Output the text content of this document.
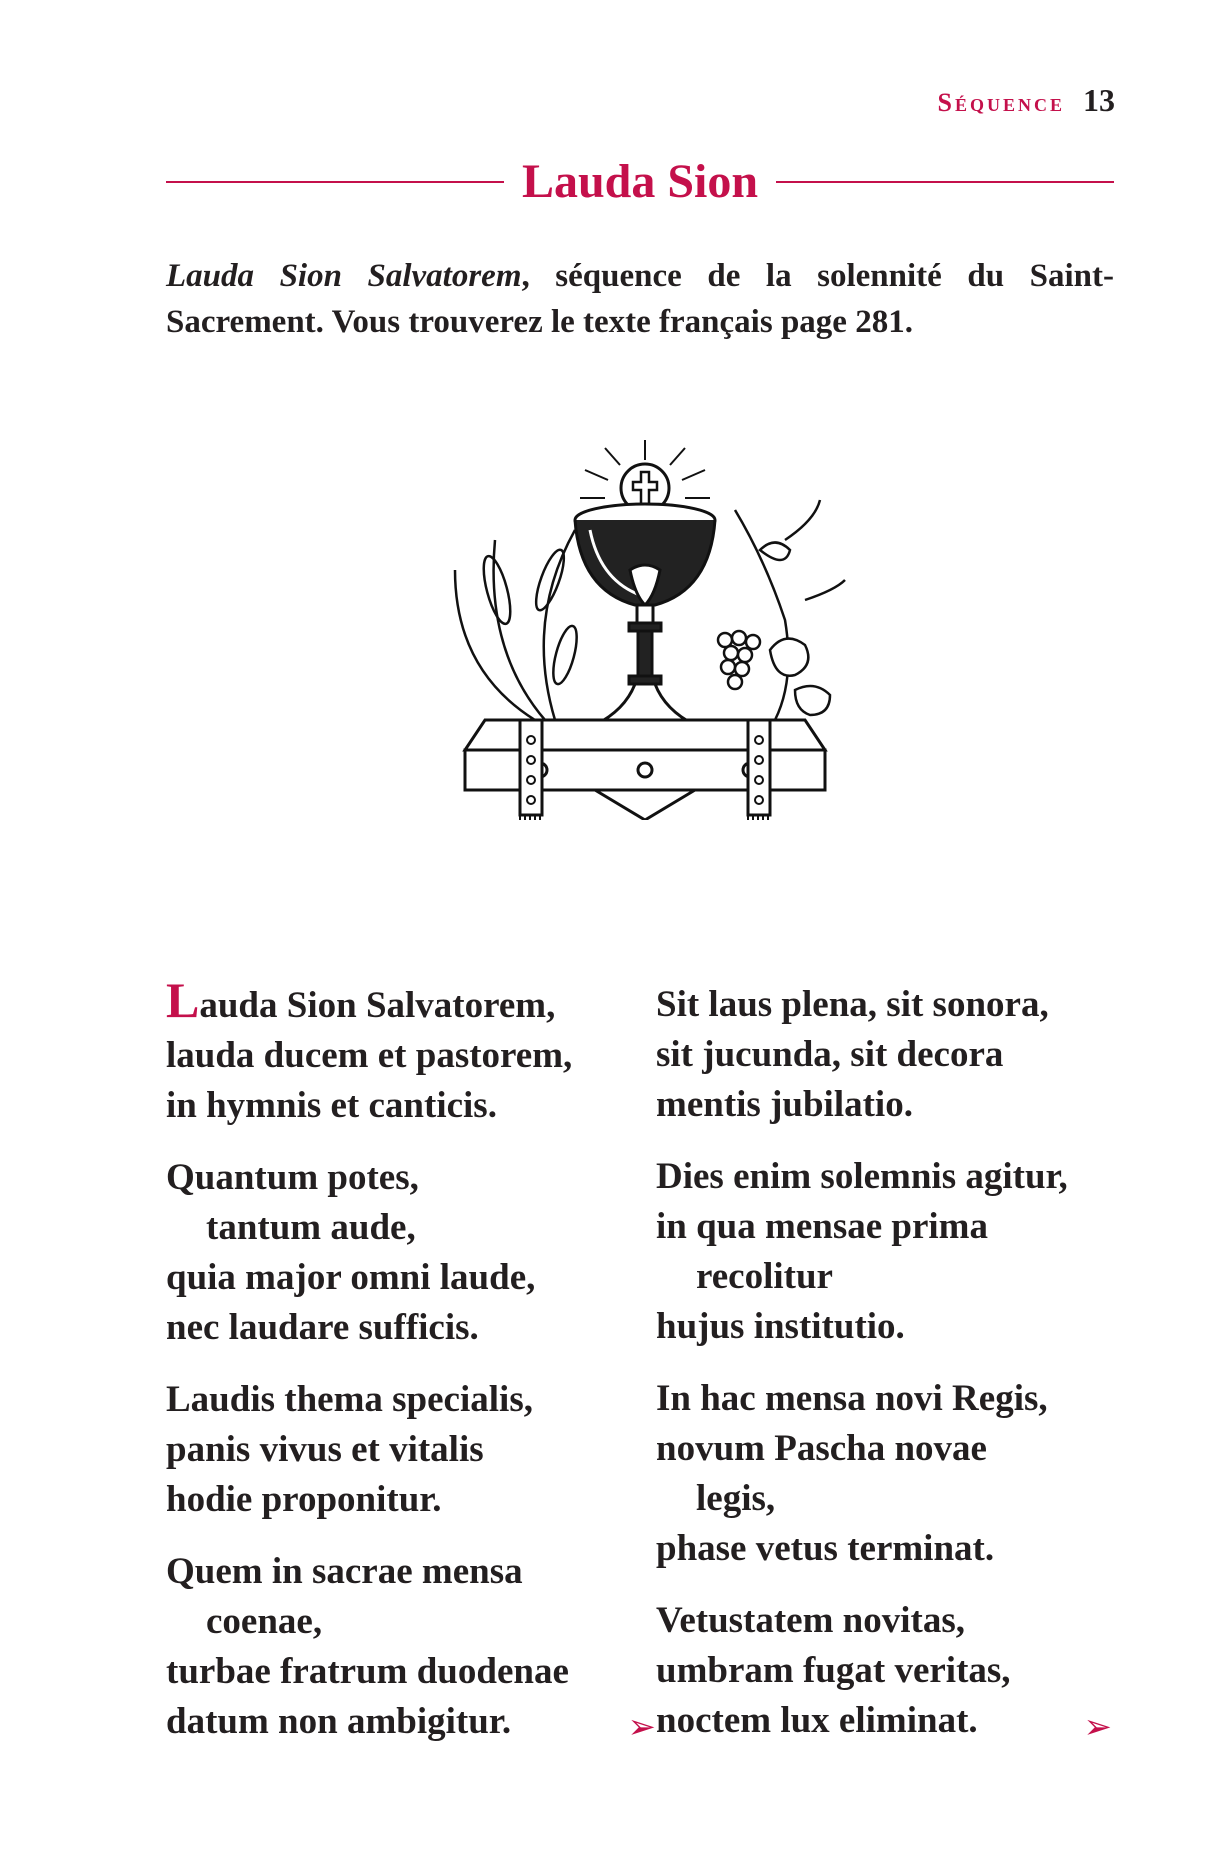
Séquence 13
Lauda Sion

Lauda Sion Salvatorem, séquence de la solennité du Saint-Sacrement. Vous trouverez le texte français page 281.

Lauda Sion Salvatorem,
lauda ducem et pastorem,
in hymnis et canticis.
Quantum potes,
tantum aude,
quia major omni laude,
nec laudare sufficis.
Laudis thema specialis,
panis vivus et vitalis
hodie proponitur.
Quem in sacrae mensa
coenae,
turbae fratrum duodenae
datum non ambigitur.	➢
Sit laus plena, sit sonora,
sit jucunda, sit decora
mentis jubilatio.
Dies enim solemnis agitur,
in qua mensae prima
recolitur
hujus institutio.
In hac mensa novi Regis,
novum Pascha novae
legis,
phase vetus terminat.
Vetustatem novitas,
umbram fugat veritas,
noctem lux eliminat.	➢
